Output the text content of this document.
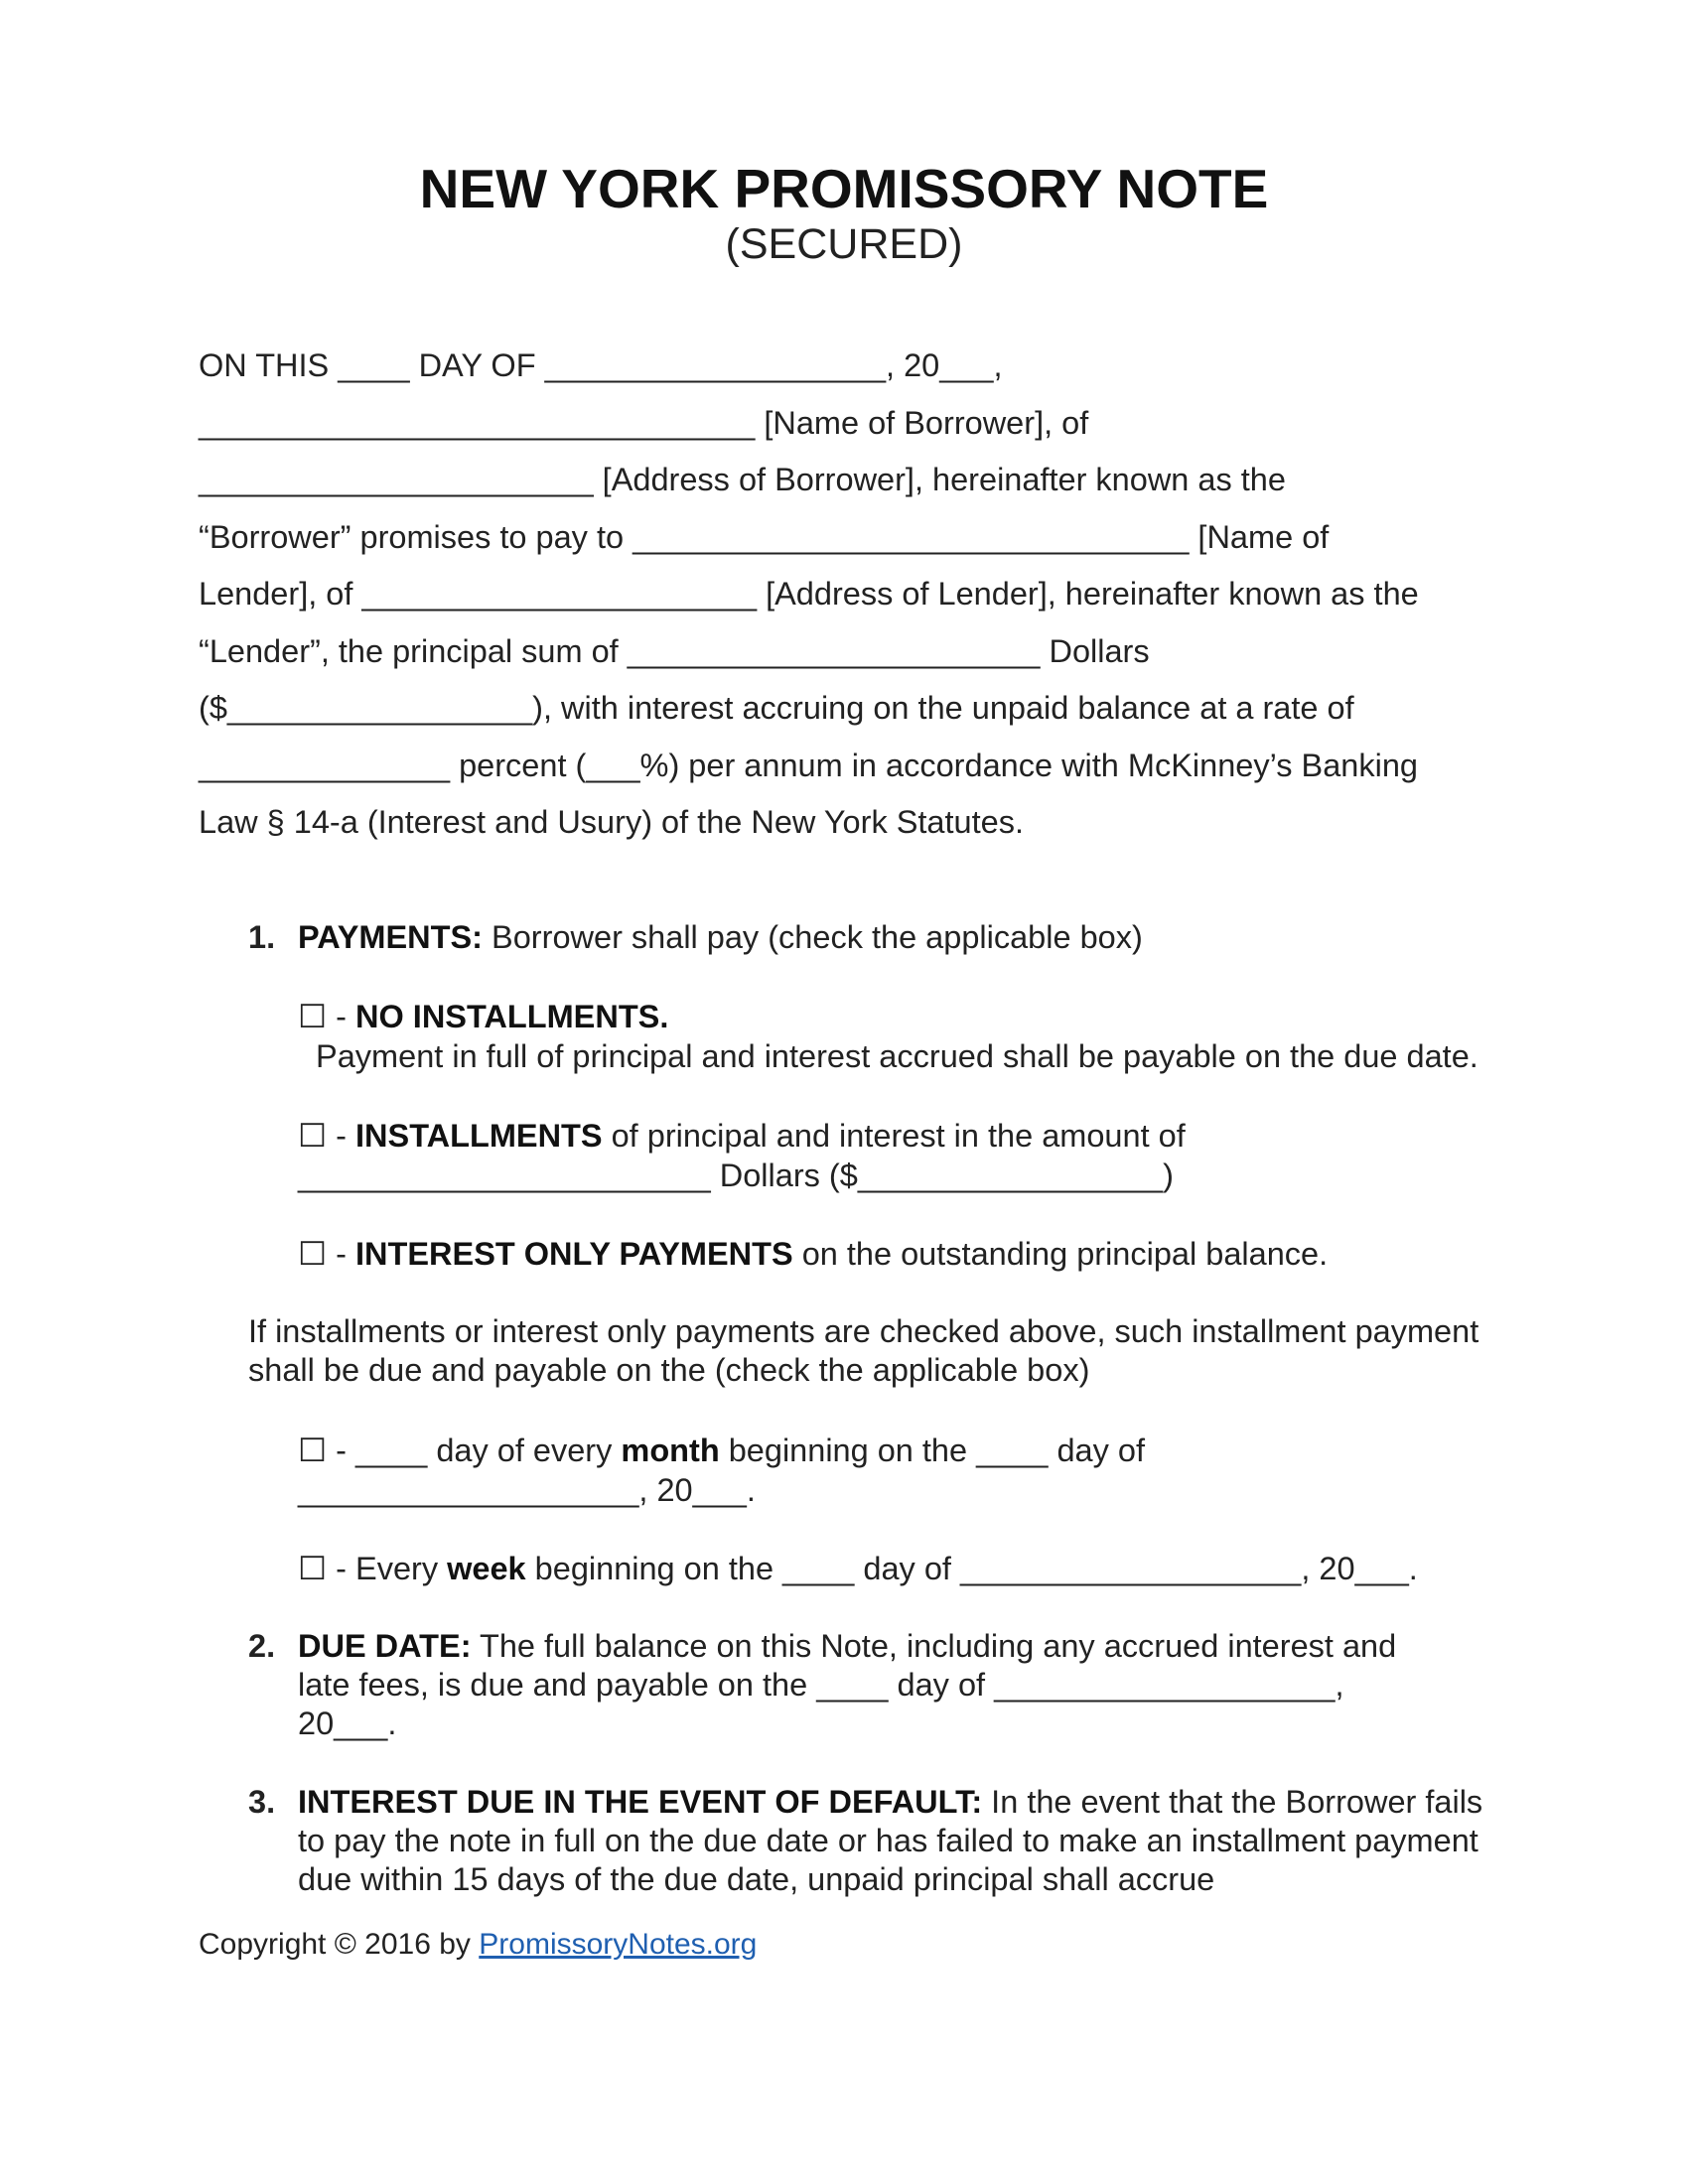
NEW YORK PROMISSORY NOTE
(SECURED)
ON THIS ____ DAY OF ___________________, 20___,
_______________________________ [Name of Borrower], of
______________________ [Address of Borrower], hereinafter known as the
“Borrower” promises to pay to _______________________________ [Name of
Lender], of ______________________ [Address of Lender], hereinafter known as the
“Lender”, the principal sum of _______________________ Dollars
($_________________), with interest accruing on the unpaid balance at a rate of
______________ percent (___%) per annum in accordance with McKinney’s Banking
Law § 14-a (Interest and Usury) of the New York Statutes.
1. PAYMENTS: Borrower shall pay (check the applicable box)
☐ - NO INSTALLMENTS.  Payment in full of principal and interest accrued shall be payable on the due date.
☐ - INSTALLMENTS of principal and interest in the amount of
_______________________ Dollars ($_________________)
☐ - INTEREST ONLY PAYMENTS on the outstanding principal balance.
If installments or interest only payments are checked above, such installment payment shall be due and payable on the (check the applicable box)
☐ - ____ day of every month beginning on the ____ day of
___________________, 20___.
☐ - Every week beginning on the ____ day of ___________________, 20___.
2. DUE DATE: The full balance on this Note, including any accrued interest and late fees, is due and payable on the ____ day of ___________________, 20___.
3. INTEREST DUE IN THE EVENT OF DEFAULT: In the event that the Borrower fails to pay the note in full on the due date or has failed to make an installment payment due within 15 days of the due date, unpaid principal shall accrue
Copyright © 2016 by PromissoryNotes.org
